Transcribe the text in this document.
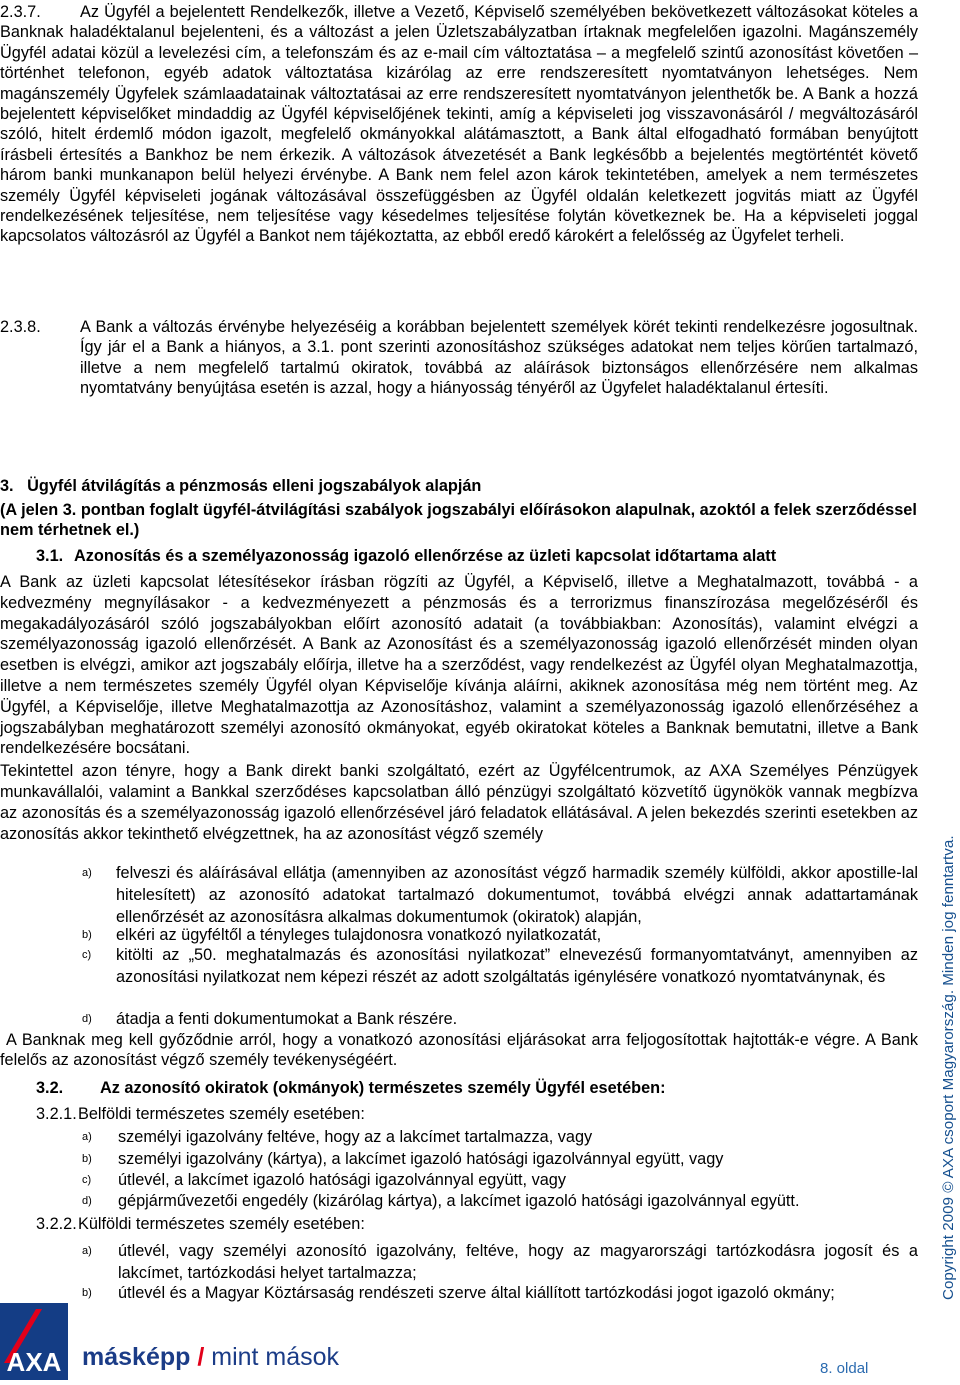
2.3.7.	Az Ügyfél a bejelentett Rendelkezők, illetve a Vezető, Képviselő személyében bekövetkezett változásokat köteles a Banknak haladéktalanul bejelenteni, és a változást a jelen Üzletszabályzatban írtaknak megfelelően igazolni. Magánszemély Ügyfél adatai közül a levelezési cím, a telefonszám és az e-mail cím változtatása – a megfelelő szintű azonosítást követően – történhet telefonon, egyéb adatok változtatása kizárólag az erre rendszeresített nyomtatványon lehetséges. Nem magánszemély Ügyfelek számlaadatainak változtatásai az erre rendszeresített nyomtatványon jelenthetők be. A Bank a hozzá bejelentett képviselőket mindaddig az Ügyfél képviselőjének tekinti, amíg a képviseleti jog visszavonásáról / megváltozásáról szóló, hitelt érdemlő módon igazolt, megfelelő okmányokkal alátámasztott, a Bank által elfogadható formában benyújtott írásbeli értesítés a Bankhoz be nem érkezik. A változások átvezetését a Bank legkésőbb a bejelentés megtörténtét követő három banki munkanapon belül helyezi érvénybe. A Bank nem felel azon károk tekintetében, amelyek a nem természetes személy Ügyfél képviseleti jogának változásával összefüggésben az Ügyfél oldalán keletkezett jogvitás miatt az Ügyfél rendelkezésének teljesítése, nem teljesítése vagy késedelmes teljesítése folytán következnek be. Ha a képviseleti joggal kapcsolatos változásról az Ügyfél a Bankot nem tájékoztatta, az ebből eredő károkért a felelősség az Ügyfelet terheli.
2.3.8. A Bank a változás érvénybe helyezéséig a korábban bejelentett személyek körét tekinti rendelkezésre jogosultnak. Így jár el a Bank a hiányos, a 3.1. pont szerinti azonosításhoz szükséges adatokat nem teljes körűen tartalmazó, illetve a nem megfelelő tartalmú okiratok, továbbá az aláírások biztonságos ellenőrzésére nem alkalmas nyomtatvány benyújtása esetén is azzal, hogy a hiányosság tényéről az Ügyfelet haladéktalanul értesíti.
3.   Ügyfél átvilágítás a pénzmosás elleni jogszabályok alapján
(A jelen 3. pontban foglalt ügyfél-átvilágítási szabályok jogszabályi előírásokon alapulnak, azoktól a felek szerződéssel nem térhetnek el.)
3.1. Azonosítás és a személyazonosság igazoló ellenőrzése az üzleti kapcsolat időtartama alatt
A Bank az üzleti kapcsolat létesítésekor írásban rögzíti az Ügyfél, a Képviselő, illetve a Meghatalmazott, továbbá - a kedvezmény megnyílásakor - a kedvezményezett a pénzmosás és a terrorizmus finanszírozása megelőzéséről és megakadályozásáról szóló jogszabályokban előírt azonosító adatait (a továbbiakban: Azonosítás), valamint elvégzi a személyazonosság igazoló ellenőrzését. A Bank az Azonosítást és a személyazonosság igazoló ellenőrzését minden olyan esetben is elvégzi, amikor azt jogszabály előírja, illetve ha a szerződést, vagy rendelkezést az Ügyfél olyan Meghatalmazottja, illetve a nem természetes személy Ügyfél olyan Képviselője kívánja aláírni, akiknek azonosítása még nem történt meg. Az Ügyfél, a Képviselője, illetve Meghatalmazottja az Azonosításhoz, valamint a személyazonosság igazoló ellenőrzéséhez a jogszabályban meghatározott személyi azonosító okmányokat, egyéb okiratokat köteles a Banknak bemutatni, illetve a Bank rendelkezésére bocsátani.
Tekintettel azon tényre, hogy a Bank direkt banki szolgáltató, ezért az Ügyfélcentrumok, az AXA Személyes Pénzügyek munkavállalói, valamint a Bankkal szerződéses kapcsolatban álló pénzügyi szolgáltató közvetítő ügynökök vannak megbízva az azonosítás és a személyazonosság igazoló ellenőrzésével járó feladatok ellátásával. A jelen bekezdés szerinti esetekben az azonosítás akkor tekinthető elvégzettnek, ha az azonosítást végző személy
a) felveszi és aláírásával ellátja (amennyiben az azonosítást végző harmadik személy külföldi, akkor apostille-lal hitelesített) az azonosító adatokat tartalmazó dokumentumot, továbbá elvégzi annak adattartamának ellenőrzését az azonosításra alkalmas dokumentumok (okiratok) alapján,
b) elkéri az ügyféltől a tényleges tulajdonosra vonatkozó nyilatkozatát,
c) kitölti az „50. meghatalmazás és azonosítási nyilatkozat” elnevezésű formanyomtatványt, amennyiben az azonosítási nyilatkozat nem képezi részét az adott szolgáltatás igénylésére vonatkozó nyomtatványnak, és
d) átadja a fenti dokumentumokat a Bank részére.
A Banknak meg kell győződnie arról, hogy a vonatkozó azonosítási eljárásokat arra feljogosítottak hajtották-e végre. A Bank felelős az azonosítást végző személy tevékenységéért.
3.2. Az azonosító okiratok (okmányok) természetes személy Ügyfél esetében:
3.2.1. Belföldi természetes személy esetében:
a) személyi igazolvány feltéve, hogy az a lakcímet tartalmazza, vagy
b) személyi igazolvány (kártya), a lakcímet igazoló hatósági igazolvánnyal együtt, vagy
c) útlevél, a lakcímet igazoló hatósági igazolvánnyal együtt, vagy
d) gépjárművezetői engedély (kizárólag kártya), a lakcímet igazoló hatósági igazolvánnyal együtt.
3.2.2. Külföldi természetes személy esetében:
a) útlevél, vagy személyi azonosító igazolvány, feltéve, hogy az magyarországi tartózkodásra jogosít és a lakcímet, tartózkodási helyet tartalmazza;
b) útlevél és a Magyar Köztársaság rendészeti szerve által kiállított tartózkodási jogot igazoló okmány;	Copyright 2009 © AXA csoport Magyarország. Minden jog fenntartva.
AXA másképp / mint mások	8. oldal
